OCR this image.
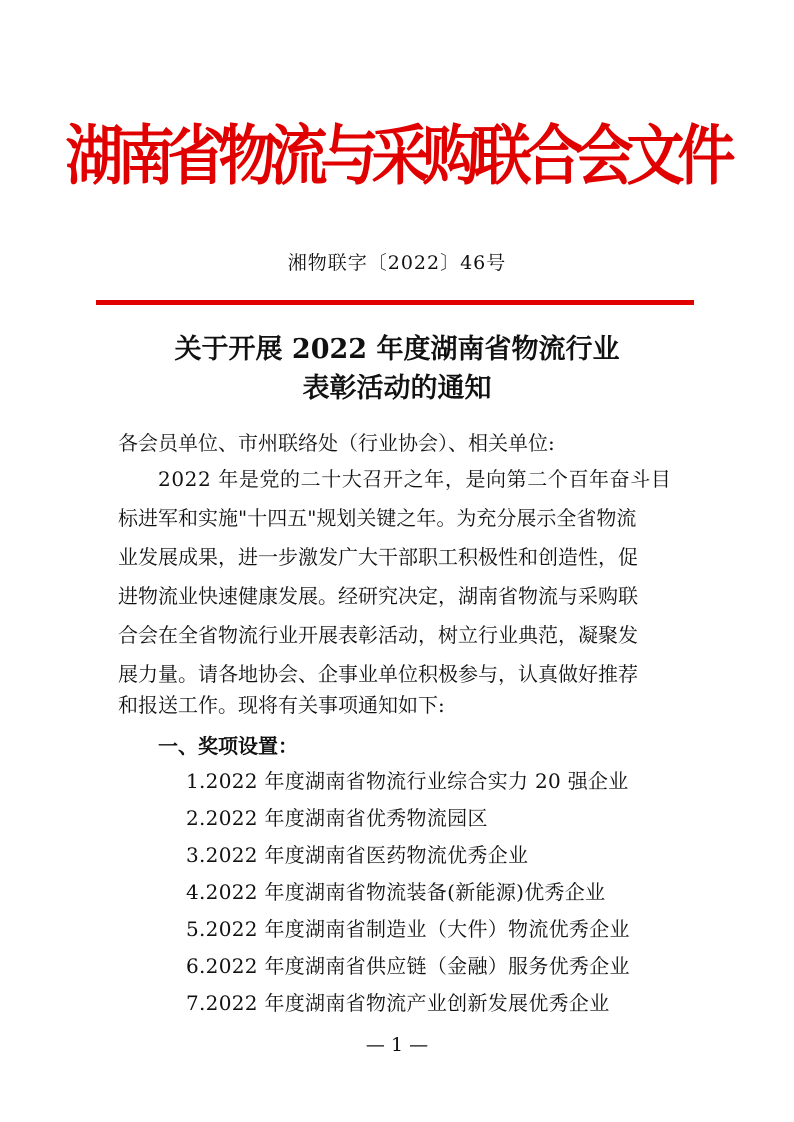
湖南省物流与采购联合会文件
湘物联字〔2022〕46号
关于开展 2022 年度湖南省物流行业
表彰活动的通知
各会员单位、市州联络处（行业协会）、相关单位:
2022 年是党的二十大召开之年，是向第二个百年奋斗目
标进军和实施"十四五"规划关键之年。为充分展示全省物流
业发展成果，进一步激发广大干部职工积极性和创造性，促
进物流业快速健康发展。经研究决定，湖南省物流与采购联
合会在全省物流行业开展表彰活动，树立行业典范，凝聚发
展力量。请各地协会、企事业单位积极参与，认真做好推荐
和报送工作。现将有关事项通知如下:
一、奖项设置：
1.2022 年度湖南省物流行业综合实力 20 强企业
2.2022 年度湖南省优秀物流园区
3.2022 年度湖南省医药物流优秀企业
4.2022 年度湖南省物流装备(新能源)优秀企业
5.2022 年度湖南省制造业（大件）物流优秀企业
6.2022 年度湖南省供应链（金融）服务优秀企业
7.2022 年度湖南省物流产业创新发展优秀企业
— 1 —
